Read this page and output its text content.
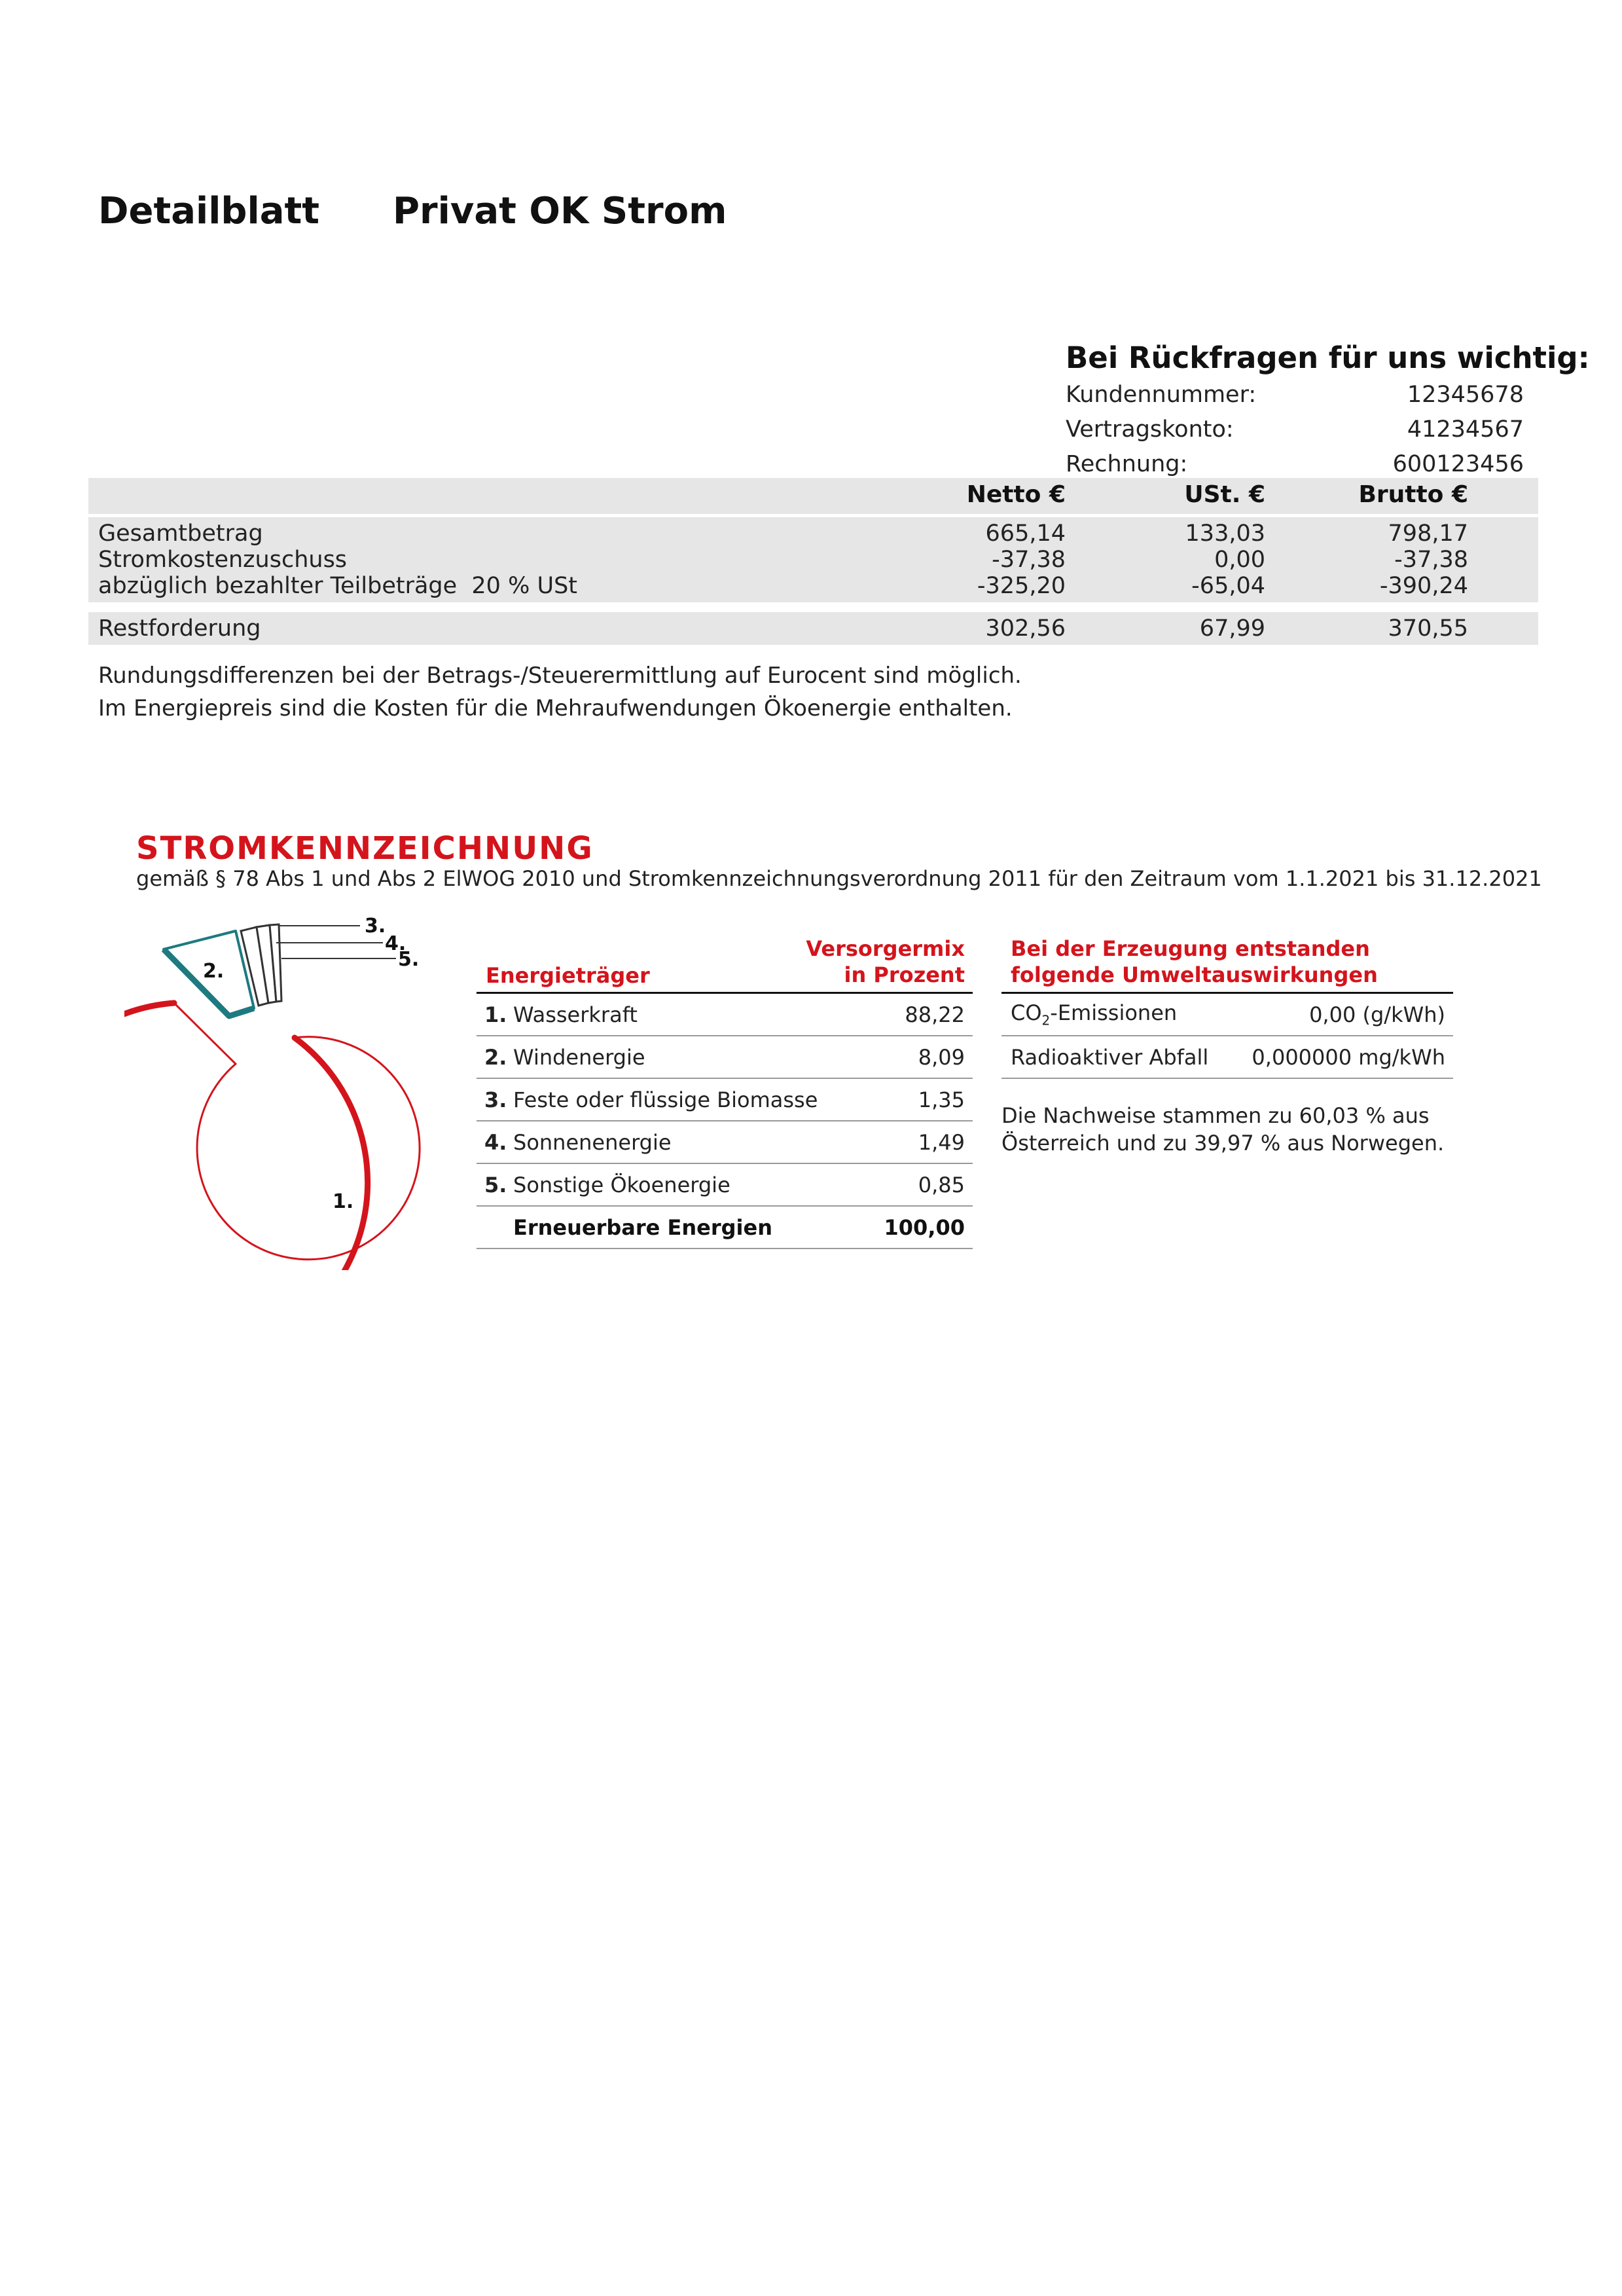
Detailblatt Privat OK Strom
Bei Rückfragen für uns wichtig:
Kundennummer:	12345678
Vertragskonto:	41234567
Rechnung:	600123456
Netto €	USt. €	Brutto €
Gesamtbetrag	665,14	133,03	798,17
Stromkostenzuschuss	-37,38	0,00	-37,38
abzüglich bezahlter Teilbeträge  20 % USt	-325,20	-65,04	-390,24
Restforderung	302,56	67,99	370,55
Rundungsdifferenzen bei der Betrags-/Steuerermittlung auf Eurocent sind möglich.
Im Energiepreis sind die Kosten für die Mehraufwendungen Ökoenergie enthalten.
STROMKENNZEICHNUNG
gemäß § 78 Abs 1 und Abs 2 ElWOG 2010 und Stromkennzeichnungsverordnung 2011 für den Zeitraum vom 1.1.2021 bis 31.12.2021
2.
3.
4.
5.
1.
Energieträger
Versorgermix
in Prozent
1. Wasserkraft	88,22
2. Windenergie	8,09
3. Feste oder flüssige Biomasse	1,35
4. Sonnenenergie	1,49
5. Sonstige Ökoenergie	0,85
Erneuerbare Energien	100,00
Bei der Erzeugung entstanden
folgende Umweltauswirkungen
$CO_2$-Emissionen	0,00 (g/kWh)
Radioaktiver Abfall	0,000000 mg/kWh
Die Nachweise stammen zu 60,03 % aus
Österreich und zu 39,97 % aus Norwegen.
